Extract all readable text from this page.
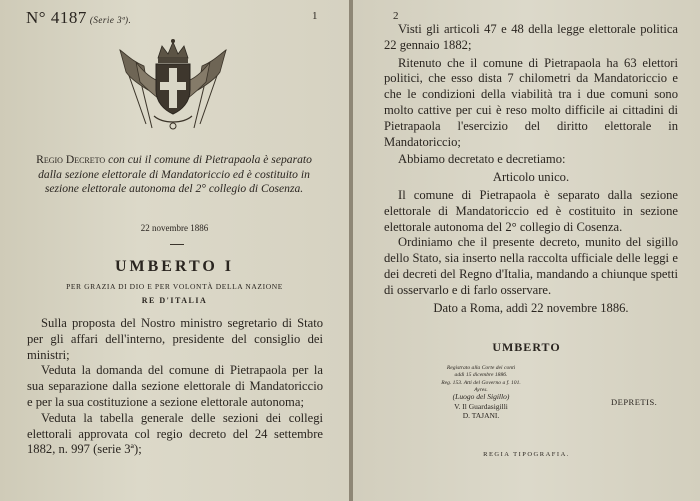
N° 4187 (Serie 3ª).	1
Regio Decreto con cui il comune di Pietrapaola è separato dalla sezione elettorale di Mandatoriccio ed è costituito in sezione elettorale autonoma del 2° collegio di Cosenza.
22 novembre 1886
UMBERTO I
PER GRAZIA DI DIO E PER VOLONTÀ DELLA NAZIONE
RE D'ITALIA

Sulla proposta del Nostro ministro segretario di Stato per gli affari dell'interno, presidente del consiglio dei ministri;

Veduta la domanda del comune di Pietrapaola per la sua separazione dalla sezione elettorale di Mandatoriccio e per la sua costituzione a sezione elettorale autonoma;

Veduta la tabella generale delle sezioni dei collegi elettorali approvata col regio decreto del 24 settembre 1882, n. 997 (serie 3ª);

2

Visti gli articoli 47 e 48 della legge elettorale politica 22 gennaio 1882;

Ritenuto che il comune di Pietrapaola ha 63 elettori politici, che esso dista 7 chilometri da Mandatoriccio e che le condizioni della viabilità tra i due comuni sono molto cattive per cui è reso molto difficile ai cittadini di Pietrapaola l'esercizio del diritto elettorale in Mandatoriccio;

Abbiamo decretato e decretiamo:

Articolo unico.

Il comune di Pietrapaola è separato dalla sezione elettorale di Mandatoriccio ed è costituito in sezione elettorale autonoma del 2° collegio di Cosenza.

Ordiniamo che il presente decreto, munito del sigillo dello Stato, sia inserto nella raccolta ufficiale delle leggi e dei decreti del Regno d'Italia, mandando a chiunque spetti di osservarlo e di farlo osservare.

Dato a Roma, addì 22 novembre 1886.

UMBERTO
Registrato alla Corte dei conti
addì 15 dicembre 1886.
Reg. 153. Atti del Governo a f. 101.
Ayres.
(Luogo del Sigillo)
V. Il Guardasigilli
D. TAJANI.
DEPRETIS.
REGIA TIPOGRAFIA.
